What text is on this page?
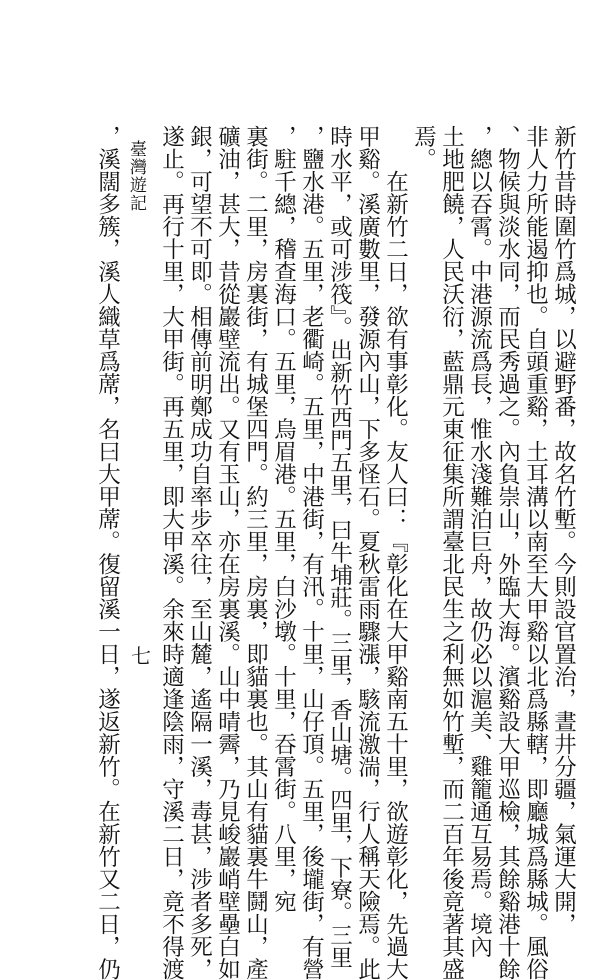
新竹昔時圍竹爲城，以避野番，故名竹塹。今則設官置治，晝井分疆，氣運大開，
非人力所能遏抑也。自頭重谿，土耳溝以南至大甲谿以北爲縣轄，即廳城爲縣城。風俗
、物候與淡水同，而民秀過之。內負崇山，外臨大海。濱谿設大甲巡檢，其餘谿港十餘
，總以吞霄。中港源流爲長，惟水淺難泊巨舟，故仍必以滬美、雞籠通互易焉。境內
土地肥饒，人民沃衍，藍鼎元東征集所謂臺北民生之利無如竹塹，而二百年後竟著其盛
焉。
在新竹二日，欲有事彰化。友人曰：『彰化在大甲谿南五十里，欲遊彰化，先過大
甲谿。溪廣數里，發源內山，下多怪石。夏秋雷雨驟漲，駭流激湍，行人稱天險焉。此
時水平，或可涉筏』。出新竹西門五里，曰牛埔莊。三里，香山塘。四里，下寮。三里
，鹽水港。五里，老衢崎。五里，中港街，有汛。十里，山仔頂。五里，後壠街，有營
，駐千總，稽查海口。五里，烏眉港。五里，白沙墩。十里，吞霄街。八里，宛
裏街。二里，房裏街，有城堡四門。約三里，房裏，即貓裏也。其山有貓裏牛鬪山，產
礦油，甚大，昔從巖壁流出。又有玉山，亦在房裏溪。山中晴霽，乃見峻巖峭壁壘白如
銀，可望不可即。相傳前明鄭成功自率步卒往，至山麓，遙隔一溪，毒甚，涉者多死，
遂止。再行十里，大甲街。再五里，即大甲溪。余來時適逢陰雨，守溪二日，竟不得渡
，溪闊多簇，溪人織草爲蓆，名曰大甲蓆。復留溪一日，遂返新竹。在新竹又二日，仍 臺灣遊記
七
